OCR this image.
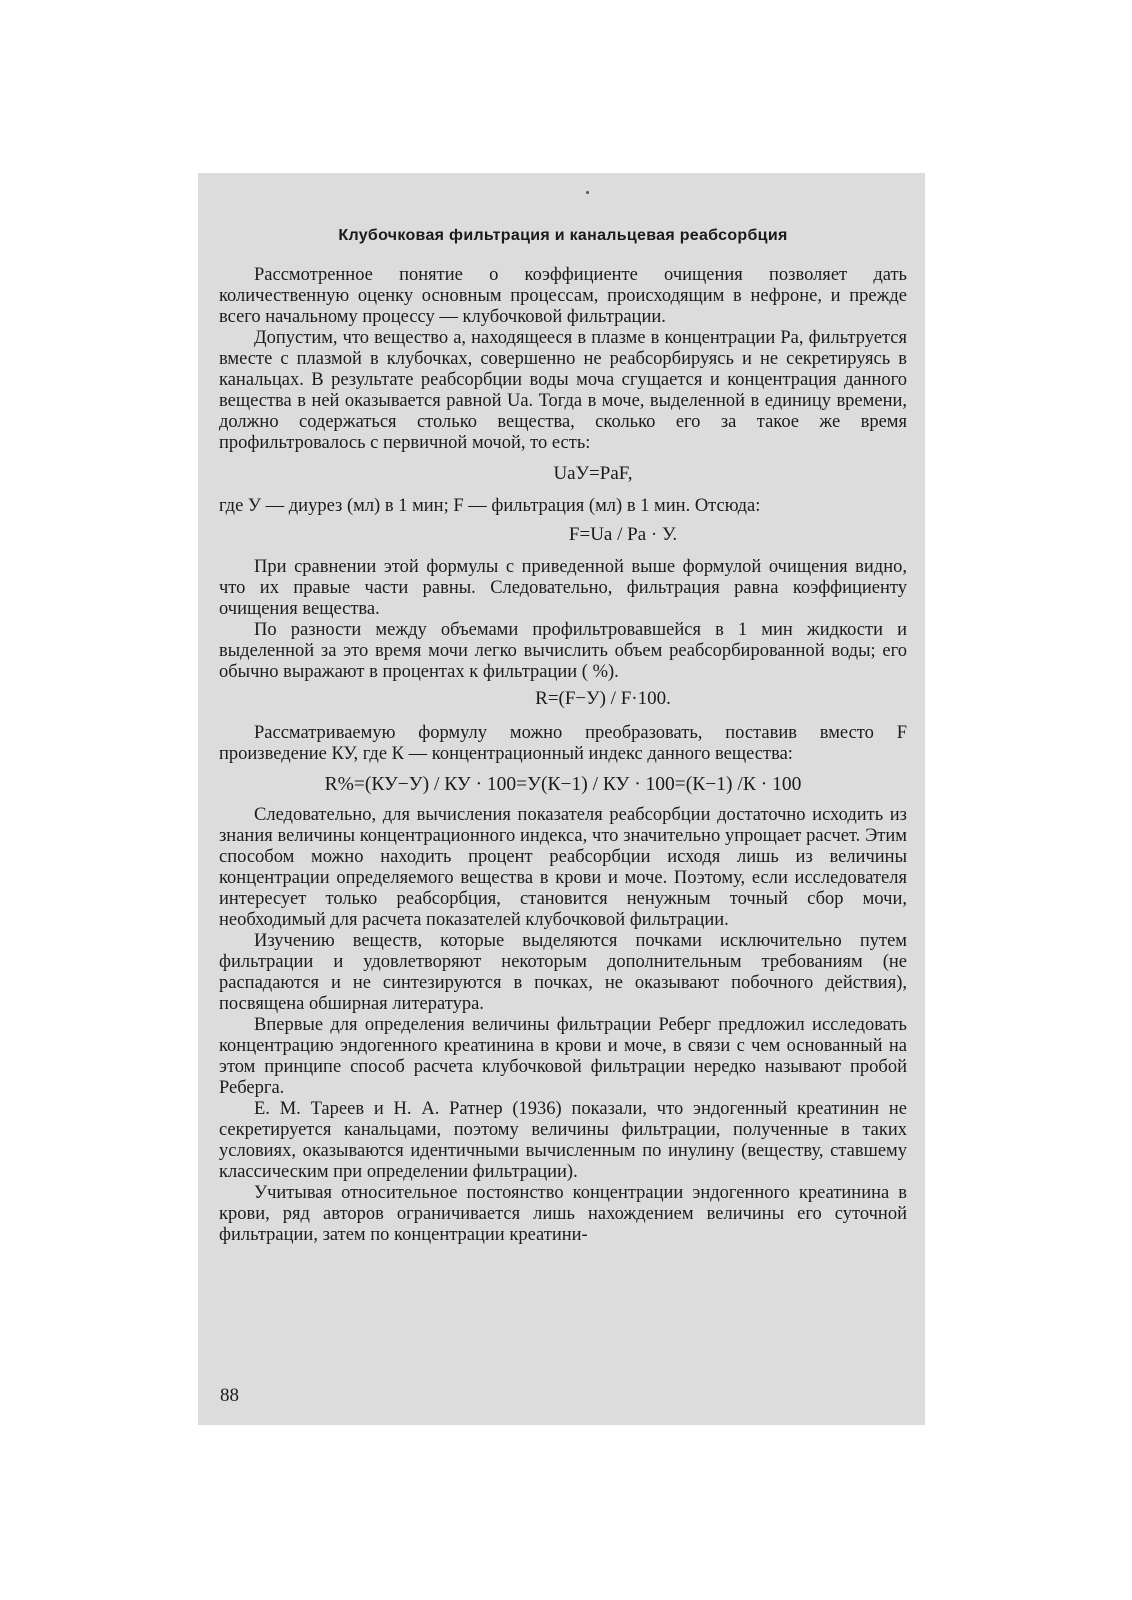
Клубочковая фильтрация и канальцевая реабсорбция

Рассмотренное понятие о коэффициенте очищения позволяет дать количественную оценку основным процессам, происходящим в нефроне, и прежде всего начальному процессу — клубочковой фильтрации.

Допустим, что вещество а, находящееся в плазме в концентрации Pa, фильтруется вместе с плазмой в клубочках, совершенно не реабсорбируясь и не секретируясь в канальцах. В результате реабсорбции воды моча сгущается и концентрация данного вещества в ней оказывается равной Ua. Тогда в моче, выделенной в единицу времени, должно содержаться столько вещества, сколько его за такое же время профильтровалось с первичной мочой, то есть:

UaУ=PaF,

где У — диурез (мл) в 1 мин; F — фильтрация (мл) в 1 мин. Отсюда:

F=Ua / Pa · У.

При сравнении этой формулы с приведенной выше формулой очищения видно, что их правые части равны. Следовательно, фильтрация равна коэффициенту очищения вещества.

По разности между объемами профильтровавшейся в 1 мин жидкости и выделенной за это время мочи легко вычислить объем реабсорбированной воды; его обычно выражают в процентах к фильтрации ( %).

R=(F−У) / F·100.

Рассматриваемую формулу можно преобразовать, поставив вместо F произведение КУ, где К — концентрационный индекс данного вещества:

R%=(КУ−У) / КУ · 100=У(К−1) / КУ · 100=(К−1) /К · 100

Следовательно, для вычисления показателя реабсорбции достаточно исходить из знания величины концентрационного индекса, что значительно упрощает расчет. Этим способом можно находить процент реабсорбции исходя лишь из величины концентрации определяемого вещества в крови и моче. Поэтому, если исследователя интересует только реабсорбция, становится ненужным точный сбор мочи, необходимый для расчета показателей клубочковой фильтрации.

Изучению веществ, которые выделяются почками исключительно путем фильтрации и удовлетворяют некоторым дополнительным требованиям (не распадаются и не синтезируются в почках, не оказывают побочного действия), посвящена обширная литература.

Впервые для определения величины фильтрации Реберг предложил исследовать концентрацию эндогенного креатинина в крови и моче, в связи с чем основанный на этом принципе способ расчета клубочковой фильтрации нередко называют пробой Реберга.

Е. М. Тареев и Н. А. Ратнер (1936) показали, что эндогенный креатинин не секретируется канальцами, поэтому величины фильтрации, полученные в таких условиях, оказываются идентичными вычисленным по инулину (веществу, ставшему классическим при определении фильтрации).

Учитывая относительное постоянство концентрации эндогенного креатинина в крови, ряд авторов ограничивается лишь нахождением величины его суточной фильтрации, затем по концентрации креатини-

88
